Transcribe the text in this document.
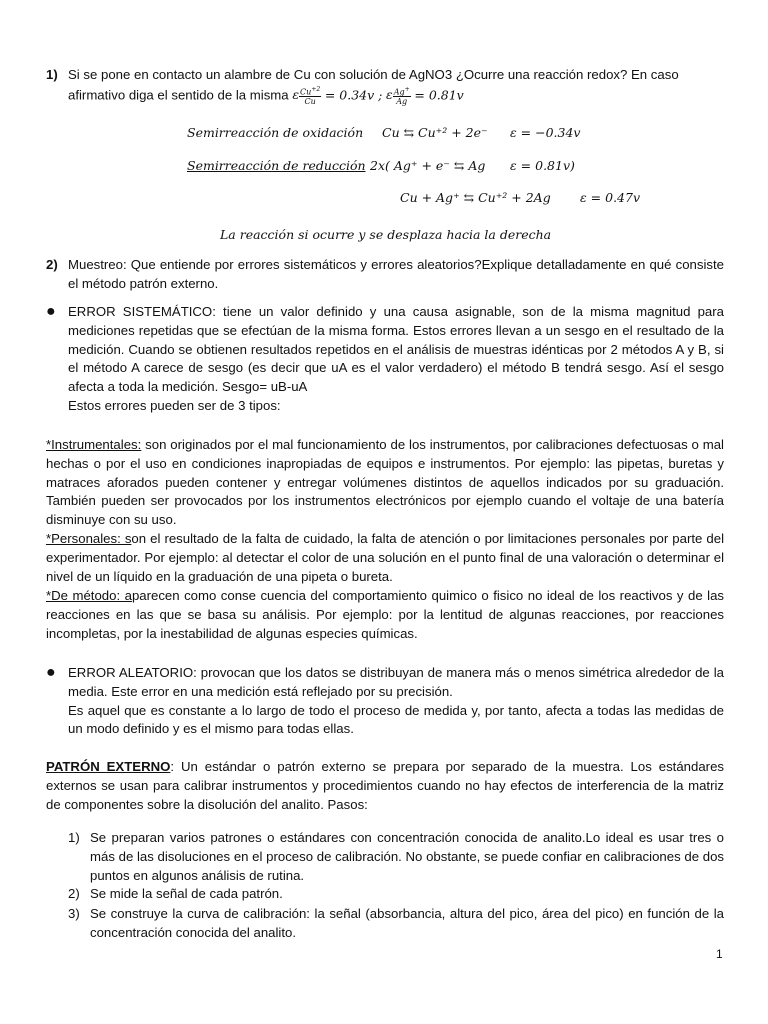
1) Si se pone en contacto un alambre de Cu con solución de AgNO3 ¿Ocurre una reacción redox? En caso
afirmativo diga el sentido de la misma ε $\frac{Cu^{+2}}{Cu} = 0.34v$ ; ε $\frac{Ag^+}{Ag} = 0.81v$
Semirreacción de oxidación Cu ⇆ Cu⁺² + 2e⁻ ε = −0.34v
Semirreacción de reducción 2x( Ag⁺ + e⁻ ⇆ Ag ε = 0.81v)
Cu + Ag⁺ ⇆ Cu⁺² + 2Ag ε = 0.47v
La reacción si ocurre y se desplaza hacia la derecha
2) Muestreo: Que entiende por errores sistemáticos y errores aleatorios?Explique detalladamente en qué consiste el método patrón externo.
● ERROR SISTEMÁTICO: tiene un valor definido y una causa asignable, son de la misma magnitud para mediciones repetidas que se efectúan de la misma forma. Estos errores llevan a un sesgo en el resultado de la medición. Cuando se obtienen resultados repetidos en el análisis de muestras idénticas por 2 métodos A y B, si el método A carece de sesgo (es decir que uA es el valor verdadero) el método B tendrá sesgo. Así el sesgo afecta a toda la medición. Sesgo= uB-uA
Estos errores pueden ser de 3 tipos:
*Instrumentales: son originados por el mal funcionamiento de los instrumentos, por calibraciones defectuosas o mal hechas o por el uso en condiciones inapropiadas de equipos e instrumentos. Por ejemplo: las pipetas, buretas y matraces aforados pueden contener y entregar volúmenes distintos de aquellos indicados por su graduación. También pueden ser provocados por los instrumentos electrónicos por ejemplo cuando el voltaje de una batería disminuye con su uso.
*Personales: son el resultado de la falta de cuidado, la falta de atención o por limitaciones personales por parte del experimentador. Por ejemplo: al detectar el color de una solución en el punto final de una valoración o determinar el nivel de un líquido en la graduación de una pipeta o bureta.
*De método: aparecen como conse cuencia del comportamiento quimico o fisico no ideal de los reactivos y de las reacciones en las que se basa su análisis. Por ejemplo: por la lentitud de algunas reacciones, por reacciones incompletas, por la inestabilidad de algunas especies químicas.
● ERROR ALEATORIO: provocan que los datos se distribuyan de manera más o menos simétrica alrededor de la media. Este error en una medición está reflejado por su precisión.
Es aquel que es constante a lo largo de todo el proceso de medida y, por tanto, afecta a todas las medidas de un modo definido y es el mismo para todas ellas.
PATRÓN EXTERNO: Un estándar o patrón externo se prepara por separado de la muestra. Los estándares externos se usan para calibrar instrumentos y procedimientos cuando no hay efectos de interferencia de la matriz de componentes sobre la disolución del analito. Pasos:
1) Se preparan varios patrones o estándares con concentración conocida de analito.Lo ideal es usar tres o más de las disoluciones en el proceso de calibración. No obstante, se puede confiar en calibraciones de dos puntos en algunos análisis de rutina.
2) Se mide la señal de cada patrón.
3) Se construye la curva de calibración: la señal (absorbancia, altura del pico, área del pico) en función de la concentración conocida del analito.
1
